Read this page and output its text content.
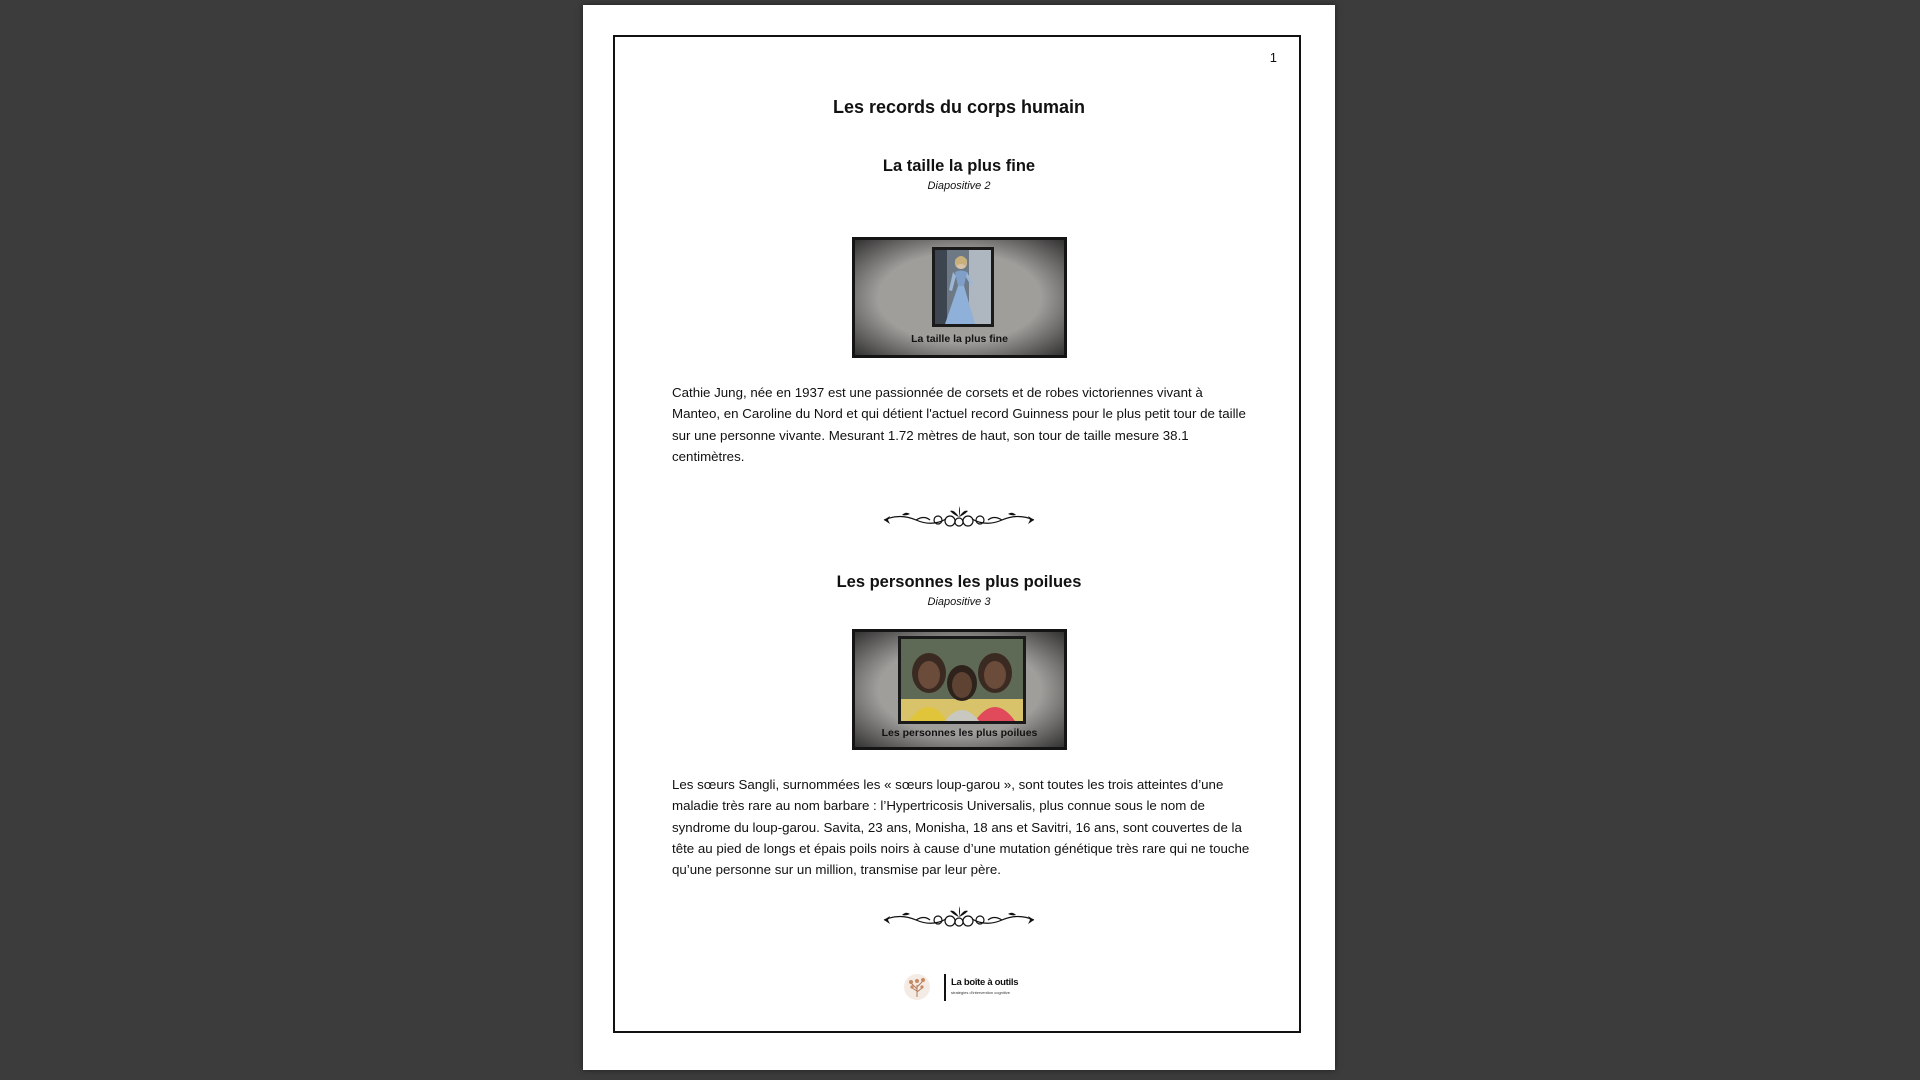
1
Les records du corps humain
La taille la plus fine
Diapositive 2
La taille la plus fine
Cathie Jung, née en 1937 est une passionnée de corsets et de robes victoriennes vivant à Manteo, en Caroline du Nord et qui détient l'actuel record Guinness pour le plus petit tour de taille sur une personne vivante. Mesurant 1.72 mètres de haut, son tour de taille mesure 38.1 centimètres.
Les personnes les plus poilues
Diapositive 3
Les personnes les plus poilues
Les sœurs Sangli, surnommées les « sœurs loup-garou », sont toutes les trois atteintes d’une maladie très rare au nom barbare : l’Hypertricosis Universalis, plus connue sous le nom de syndrome du loup-garou. Savita, 23 ans, Monisha, 18 ans et Savitri, 16 ans, sont couvertes de la tête au pied de longs et épais poils noirs à cause d’une mutation génétique très rare qui ne touche qu’une personne sur un million, transmise par leur père.
La boîte à outils
stratégies d'intervention cognitive
